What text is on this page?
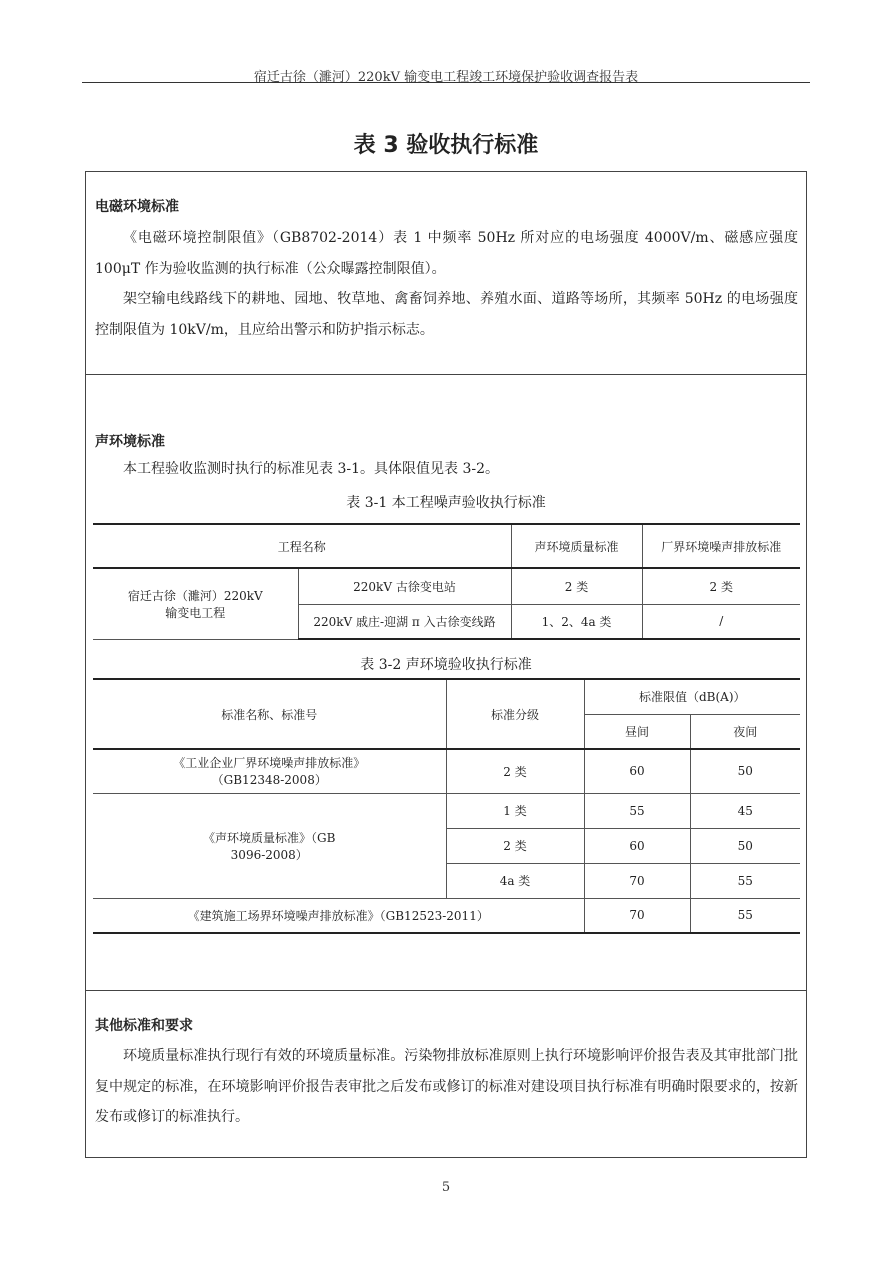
宿迁古徐（濉河）220kV 输变电工程竣工环境保护验收调查报告表
表 3 验收执行标准
电磁环境标准
《电磁环境控制限值》（GB8702-2014）表 1 中频率 50Hz 所对应的电场强度 4000V/m、磁感应强度 100μT 作为验收监测的执行标准（公众曝露控制限值）。
架空输电线路线下的耕地、园地、牧草地、禽畜饲养地、养殖水面、道路等场所，其频率 50Hz 的电场强度控制限值为 10kV/m，且应给出警示和防护指示标志。
声环境标准
本工程验收监测时执行的标准见表 3-1。具体限值见表 3-2。
表 3-1 本工程噪声验收执行标准
工程名称		声环境质量标准	厂界环境噪声排放标准
宿迁古徐（濉河）220kV 输变电工程	220kV 古徐变电站	2 类	2 类
	220kV 戚庄-迎湖 π 入古徐变线路	1、2、4a 类	/
表 3-2 声环境验收执行标准
标准名称、标准号	标准分级	标准限值（dB(A)）	
		昼间	夜间
《工业企业厂界环境噪声排放标准》（GB12348-2008）	2 类	60	50
《声环境质量标准》（GB 3096-2008）	1 类	55	45
	2 类	60	50
	4a 类	70	55
《建筑施工场界环境噪声排放标准》（GB12523-2011）		70	55
其他标准和要求
环境质量标准执行现行有效的环境质量标准。污染物排放标准原则上执行环境影响评价报告表及其审批部门批复中规定的标准，在环境影响评价报告表审批之后发布或修订的标准对建设项目执行标准有明确时限要求的，按新发布或修订的标准执行。
5
